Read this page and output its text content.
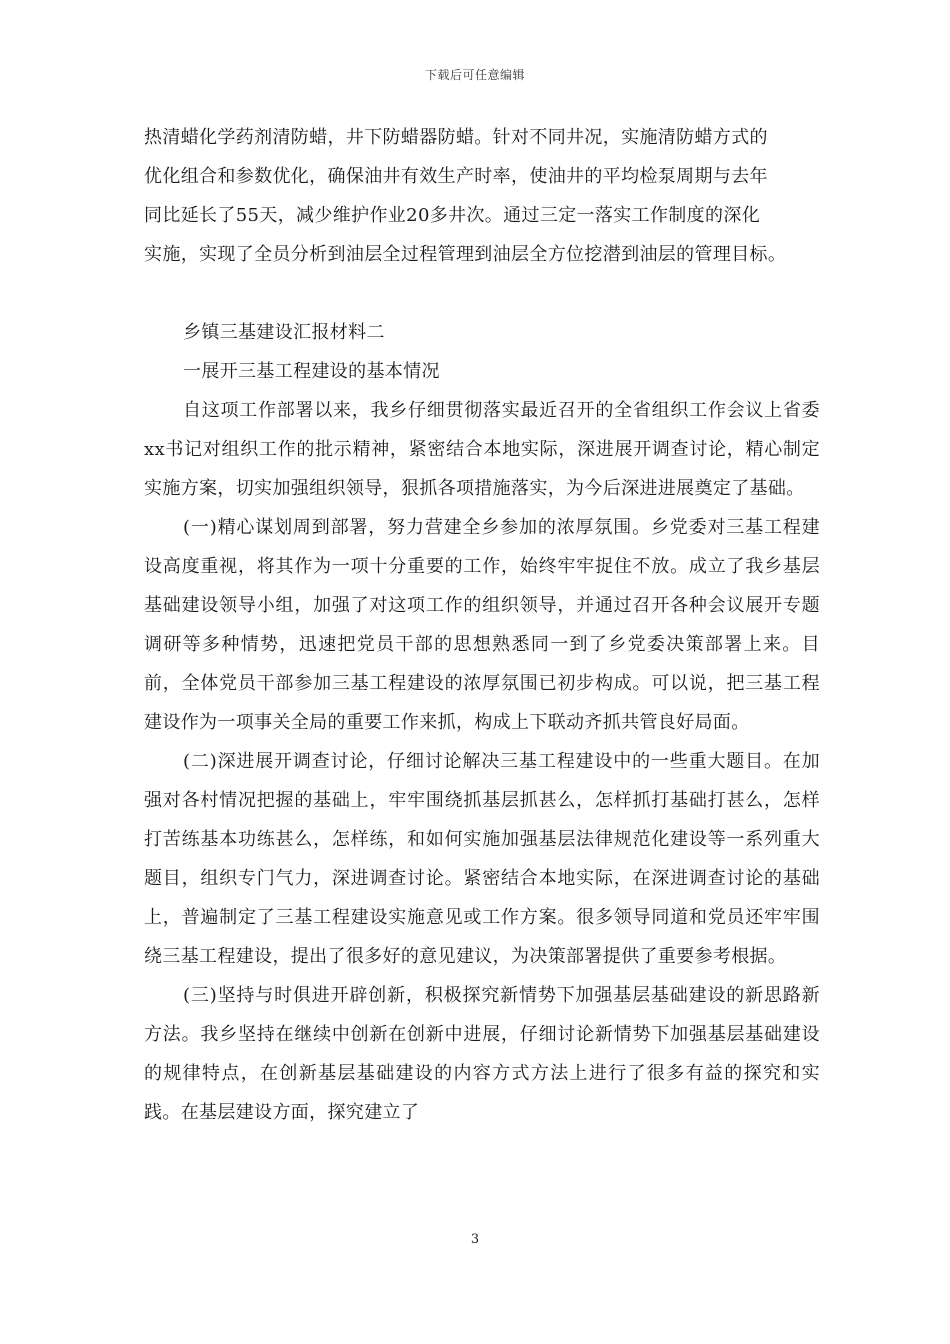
下载后可任意编辑

热清蜡化学药剂清防蜡，井下防蜡器防蜡。针对不同井况，实施清防蜡方式的

优化组合和参数优化，确保油井有效生产时率，使油井的平均检泵周期与去年

同比延长了55天，减少维护作业20多井次。通过三定一落实工作制度的深化

实施，实现了全员分析到油层全过程管理到油层全方位挖潜到油层的管理目标。

乡镇三基建设汇报材料二

一展开三基工程建设的基本情况

自这项工作部署以来，我乡仔细贯彻落实最近召开的全省组织工作会议上省委xx书记对组织工作的批示精神，紧密结合本地实际，深进展开调查讨论，精心制定实施方案，切实加强组织领导，狠抓各项措施落实，为今后深进进展奠定了基础。

(一)精心谋划周到部署，努力营建全乡参加的浓厚氛围。乡党委对三基工程建设高度重视，将其作为一项十分重要的工作，始终牢牢捉住不放。成立了我乡基层基础建设领导小组，加强了对这项工作的组织领导，并通过召开各种会议展开专题调研等多种情势，迅速把党员干部的思想熟悉同一到了乡党委决策部署上来。目前，全体党员干部参加三基工程建设的浓厚氛围已初步构成。可以说，把三基工程建设作为一项事关全局的重要工作来抓，构成上下联动齐抓共管良好局面。

(二)深进展开调查讨论，仔细讨论解决三基工程建设中的一些重大题目。在加强对各村情况把握的基础上，牢牢围绕抓基层抓甚么，怎样抓打基础打甚么，怎样打苦练基本功练甚么，怎样练，和如何实施加强基层法律规范化建设等一系列重大题目，组织专门气力，深进调查讨论。紧密结合本地实际，在深进调查讨论的基础上，普遍制定了三基工程建设实施意见或工作方案。很多领导同道和党员还牢牢围绕三基工程建设，提出了很多好的意见建议，为决策部署提供了重要参考根据。

(三)坚持与时俱进开辟创新，积极探究新情势下加强基层基础建设的新思路新方法。我乡坚持在继续中创新在创新中进展，仔细讨论新情势下加强基层基础建设的规律特点，在创新基层基础建设的内容方式方法上进行了很多有益的探究和实践。在基层建设方面，探究建立了

3
